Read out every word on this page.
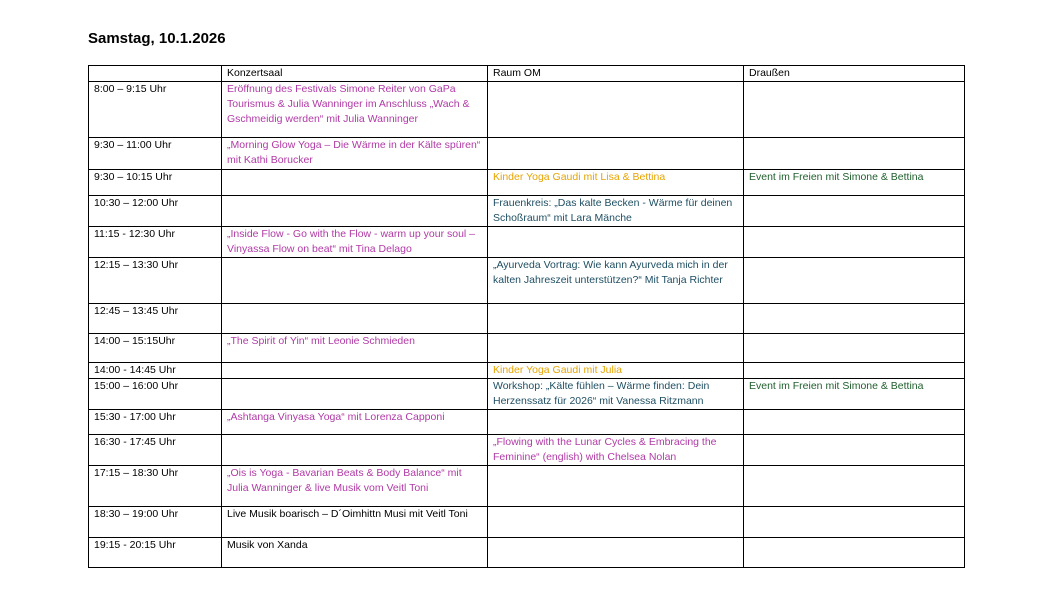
Samstag, 10.1.2026
	Konzertsaal	Raum OM	Draußen
8:00 – 9:15 Uhr	Eröffnung des Festivals Simone Reiter von GaPa Tourismus & Julia Wanninger im Anschluss „Wach & Gschmeidig werden“ mit Julia Wanninger		
9:30 – 11:00 Uhr	„Morning Glow Yoga – Die Wärme in der Kälte spüren“ mit Kathi Borucker		
9:30 – 10:15 Uhr		Kinder Yoga Gaudi mit Lisa & Bettina	Event im Freien mit Simone & Bettina
10:30 – 12:00 Uhr		Frauenkreis: „Das kalte Becken - Wärme für deinen Schoßraum“ mit Lara Mänche	
11:15 - 12:30 Uhr	„Inside Flow - Go with the Flow - warm up your soul – Vinyassa Flow on beat“ mit Tina Delago		
12:15 – 13:30 Uhr		„Ayurveda Vortrag: Wie kann Ayurveda mich in der kalten Jahreszeit unterstützen?“ Mit Tanja Richter	
12:45 – 13:45 Uhr			
14:00 – 15:15Uhr	„The Spirit of Yin“ mit Leonie Schmieden		
14:00 - 14:45 Uhr		Kinder Yoga Gaudi mit Julia	
15:00 – 16:00 Uhr		Workshop: „Kälte fühlen – Wärme finden: Dein Herzenssatz für 2026“ mit Vanessa Ritzmann	Event im Freien mit Simone & Bettina
15:30 - 17:00 Uhr	„Ashtanga Vinyasa Yoga“ mit Lorenza Capponi		
16:30 - 17:45 Uhr		„Flowing with the Lunar Cycles & Embracing the Feminine“ (english) with Chelsea Nolan	
17:15 – 18:30 Uhr	„Ois is Yoga - Bavarian Beats & Body Balance“ mit Julia Wanninger & live Musik vom Veitl Toni		
18:30 – 19:00 Uhr	Live Musik boarisch – D´Oimhittn Musi mit Veitl Toni		
19:15 - 20:15 Uhr	Musik von Xanda		
